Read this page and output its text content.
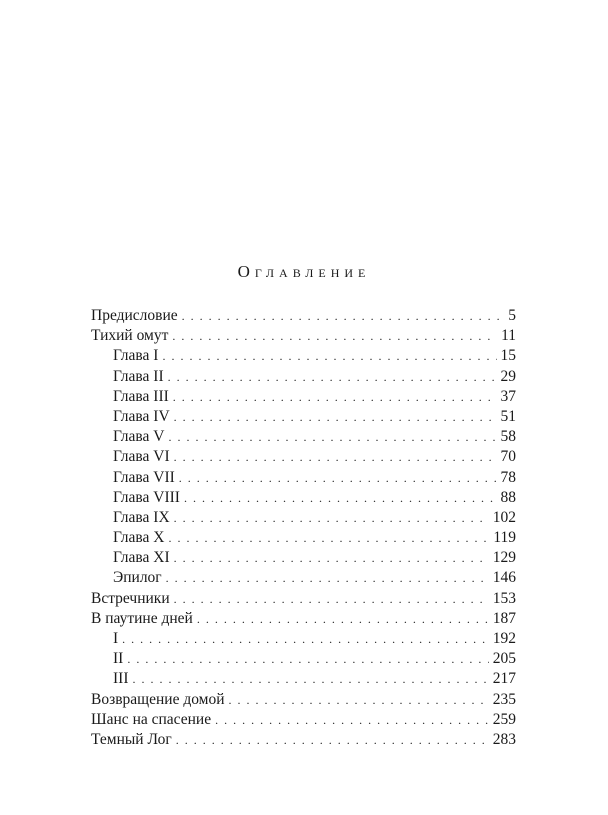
Оглавление
Предисловие . . .	5
Тихий омут . . .	11
Глава I . . .	15
Глава II . . .	29
Глава III . . .	37
Глава IV . . .	51
Глава V . . .	58
Глава VI . . .	70
Глава VII . . .	78
Глава VIII . . .	88
Глава IX . . .	102
Глава X . . .	119
Глава XI . . .	129
Эпилог . . .	146
Встречники . . .	153
В паутине дней . . .	187
I . . .	192
II . . .	205
III . . .	217
Возвращение домой . . .	235
Шанс на спасение . . .	259
Темный Лог . . .	283
